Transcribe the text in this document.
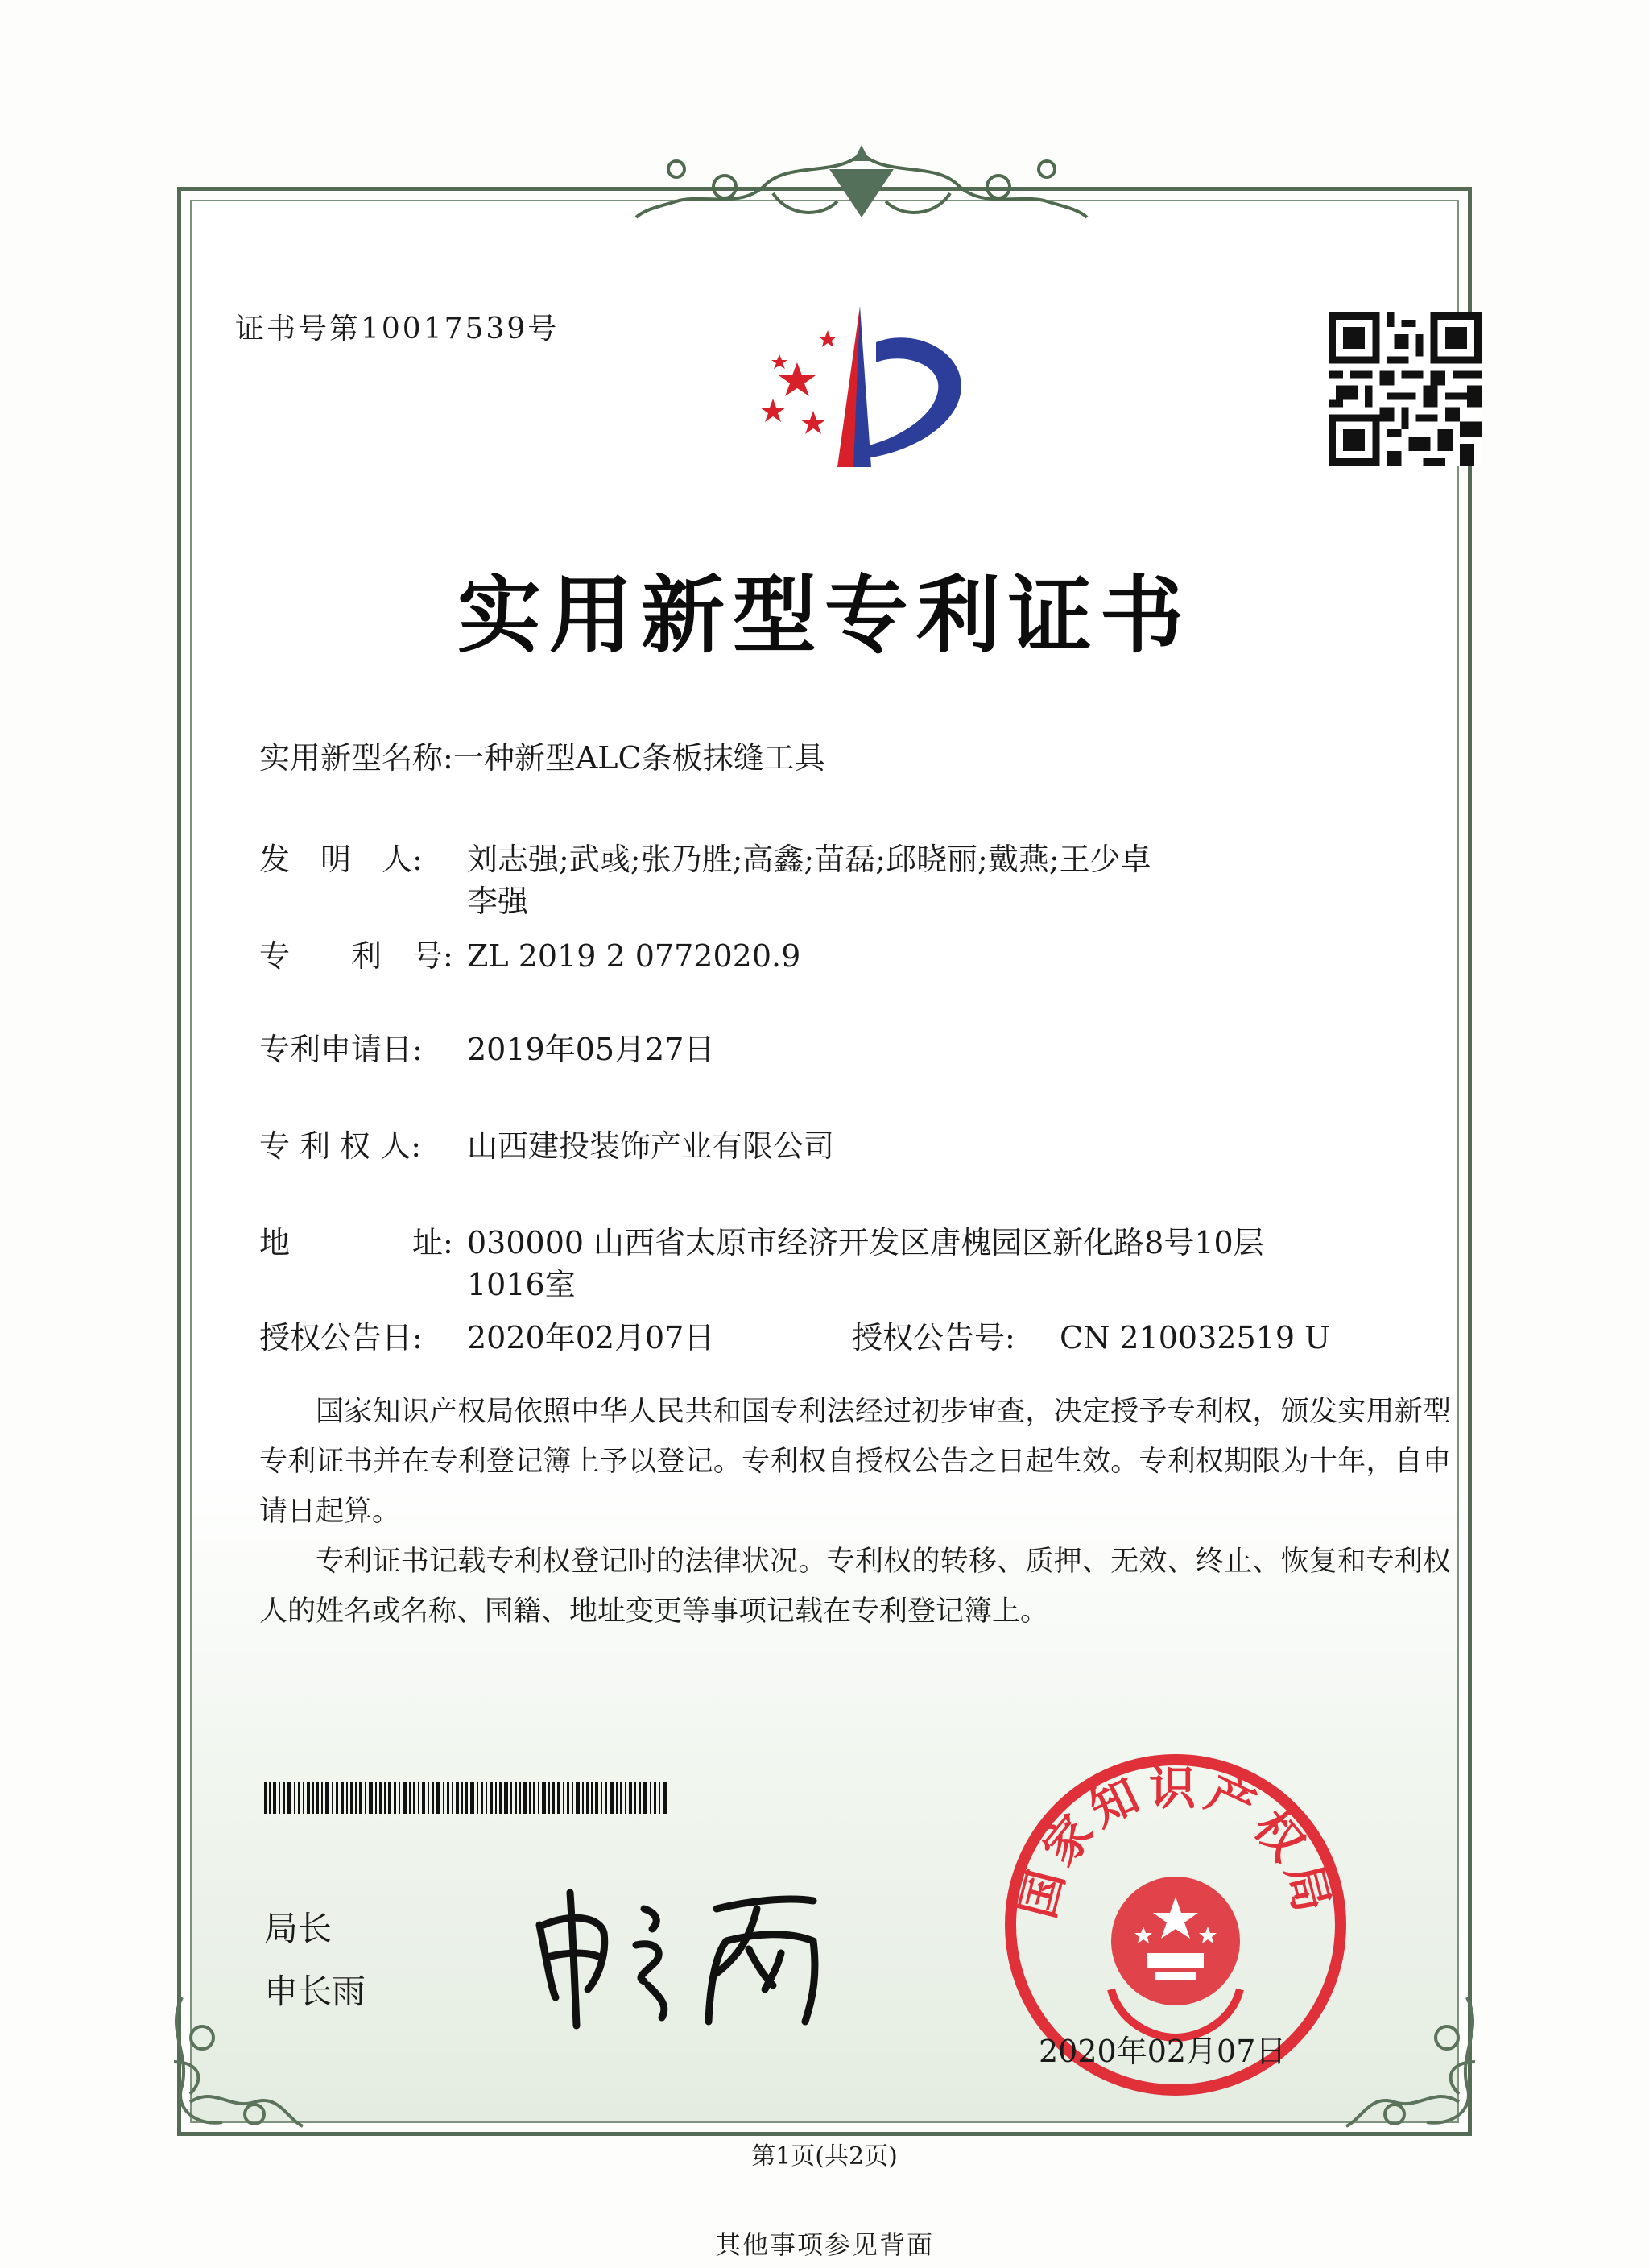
证书号第10017539号
实用新型专利证书
实用新型名称:一种新型ALC条板抹缝工具
发　明　人: 刘志强;武彧;张乃胜;高鑫;苗磊;邱晓丽;戴燕;王少卓
李强
专　　利　号: ZL 2019 2 0772020.9
专利申请日: 2019年05月27日
专 利 权 人: 山西建投装饰产业有限公司
地　　　　址: 030000 山西省太原市经济开发区唐槐园区新化路8号10层
1016室
授权公告日: 2020年02月07日	授权公告号: CN 210032519 U

国家知识产权局依照中华人民共和国专利法经过初步审查，决定授予专利权，颁发实用新型专利证书并在专利登记簿上予以登记。专利权自授权公告之日起生效。专利权期限为十年，自申请日起算。

专利证书记载专利权登记时的法律状况。专利权的转移、质押、无效、终止、恢复和专利权人的姓名或名称、国籍、地址变更等事项记载在专利登记簿上。

局长
申长雨
国家知识产权局
2020年02月07日
第1页(共2页)
其他事项参见背面
